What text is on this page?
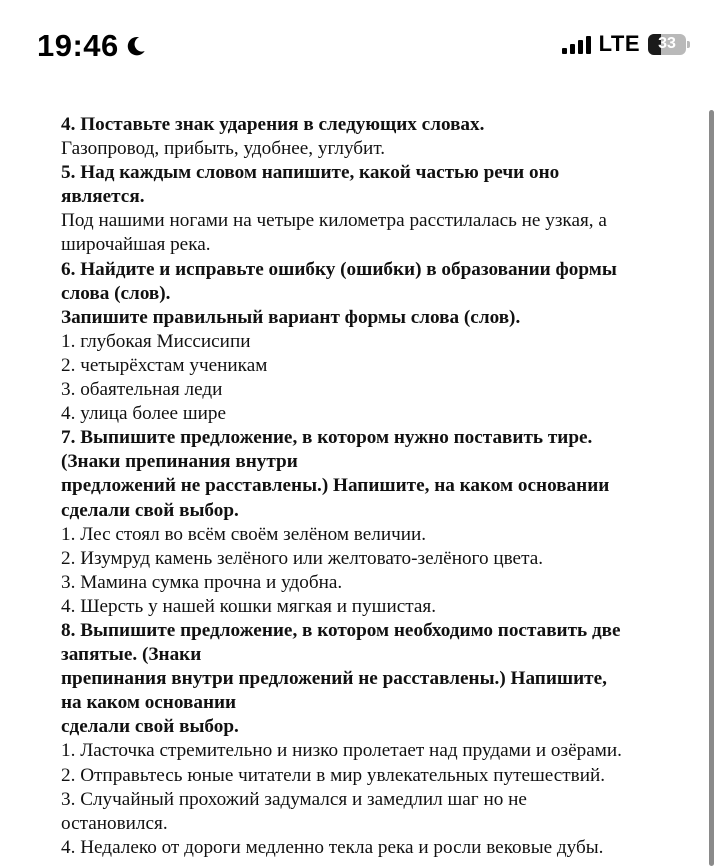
19:46	LTE 33

4. Поставьте знак ударения в следующих словах.

Газопровод, прибыть, удобнее, углубит.

5. Над каждым словом напишите, какой частью речи оно

является.

Под нашими ногами на четыре километра расстилалась не узкая, а

широчайшая река.

6. Найдите и исправьте ошибку (ошибки) в образовании формы

слова (слов).

Запишите правильный вариант формы слова (слов).

1. глубокая Миссисипи

2. четырёхстам ученикам

3. обаятельная леди

4. улица более шире

7. Выпишите предложение, в котором нужно поставить тире.

(Знаки препинания внутри

предложений не расставлены.) Напишите, на каком основании

сделали свой выбор.

1. Лес стоял во всём своём зелёном величии.

2. Изумруд камень зелёного или желтовато-зелёного цвета.

3. Мамина сумка прочна и удобна.

4. Шерсть у нашей кошки мягкая и пушистая.

8. Выпишите предложение, в котором необходимо поставить две

запятые. (Знаки

препинания внутри предложений не расставлены.) Напишите,

на каком основании

сделали свой выбор.

1. Ласточка стремительно и низко пролетает над прудами и озёрами.

2. Отправьтесь юные читатели в мир увлекательных путешествий.

3. Случайный прохожий задумался и замедлил шаг но не

остановился.

4. Недалеко от дороги медленно текла река и росли вековые дубы.
